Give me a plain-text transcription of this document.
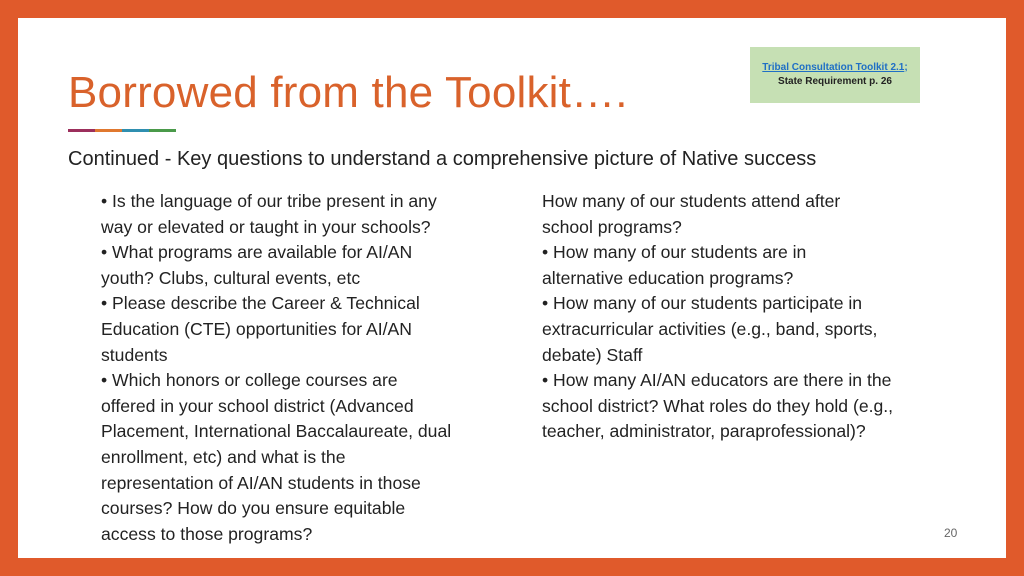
Borrowed from the Toolkit….
Tribal Consultation Toolkit 2.1;
State Requirement p. 26
Continued - Key questions to understand a comprehensive picture of Native success
• Is the language of our tribe present in any
way or elevated or taught in your schools?
• What programs are available for AI/AN
youth? Clubs, cultural events, etc
• Please describe the Career & Technical
Education (CTE) opportunities for AI/AN
students
• Which honors or college courses are
offered in your school district (Advanced
Placement, International Baccalaureate, dual
enrollment, etc) and what is the
representation of AI/AN students in those
courses? How do you ensure equitable
access to those programs?
How many of our students attend after
school programs?
• How many of our students are in
alternative education programs?
• How many of our students participate in
extracurricular activities (e.g., band, sports,
debate) Staff
• How many AI/AN educators are there in the
school district? What roles do they hold (e.g.,
teacher, administrator, paraprofessional)?
20
